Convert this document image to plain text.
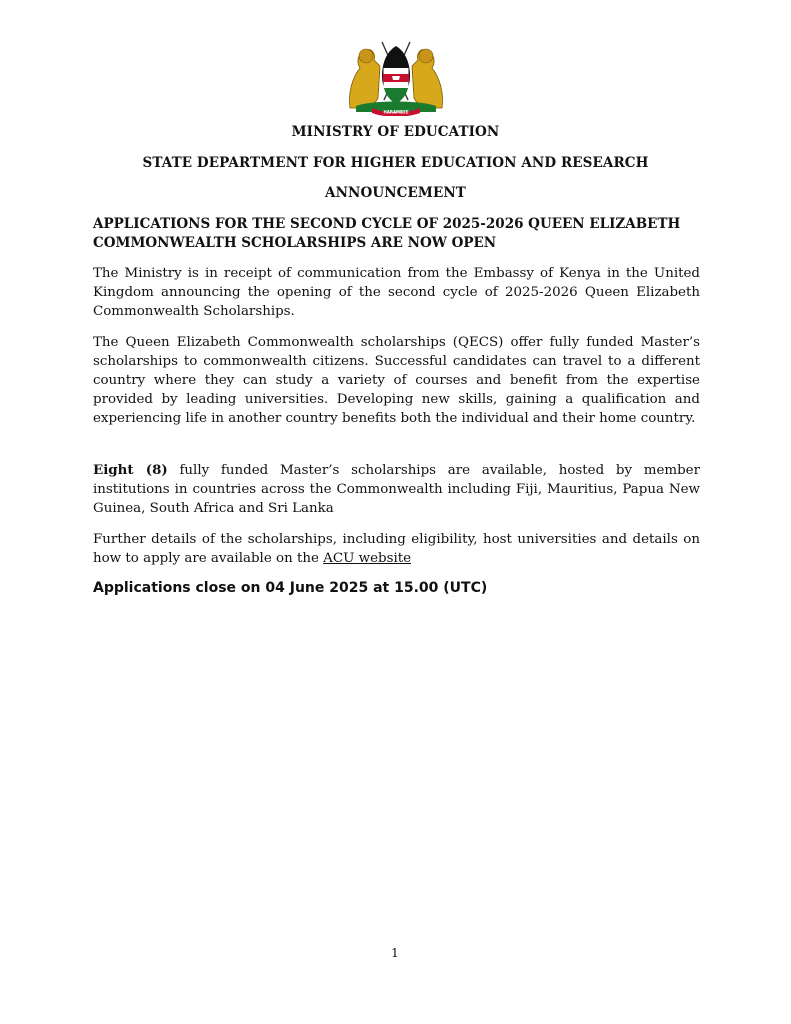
HARAMBEE
MINISTRY OF EDUCATION
STATE DEPARTMENT FOR HIGHER EDUCATION AND RESEARCH
ANNOUNCEMENT
APPLICATIONS FOR THE SECOND CYCLE OF 2025-2026 QUEEN ELIZABETH
COMMONWEALTH SCHOLARSHIPS ARE NOW OPEN

The Ministry is in receipt of communication from the Embassy of Kenya in the United Kingdom announcing the opening of the second cycle of 2025-2026 Queen Elizabeth Commonwealth Scholarships.

The Queen Elizabeth Commonwealth scholarships (QECS) offer fully funded Master’s scholarships to commonwealth citizens. Successful candidates can travel to a different country where they can study a variety of courses and benefit from the expertise provided by leading universities. Developing new skills, gaining a qualification and experiencing life in another country benefits both the individual and their home country.

Eight (8) fully funded Master’s scholarships are available, hosted by member institutions in countries across the Commonwealth including Fiji, Mauritius, Papua New Guinea, South Africa and Sri Lanka

Further details of the scholarships, including eligibility, host universities and details on how to apply are available on the ACU website

Applications close on 04 June 2025 at 15.00 (UTC)
1
